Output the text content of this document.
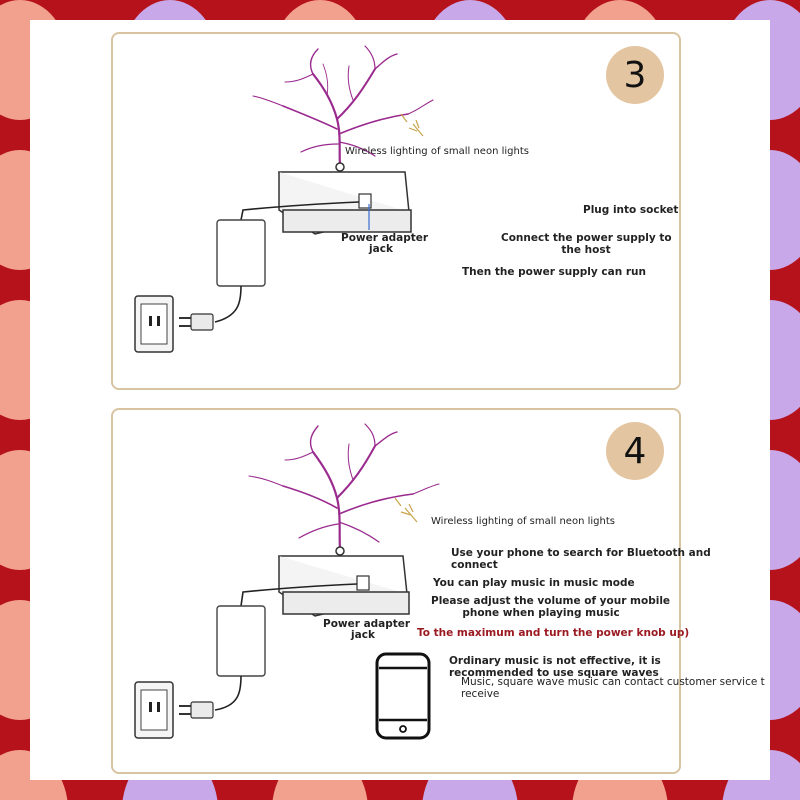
3
Wireless lighting of small neon lights
Power adapter
jack
Plug into socket
Connect the power supply to
the host
Then the power supply can run
4
Wireless lighting of small neon lights
Power adapter
jack
Use your phone to search for Bluetooth and
connect
You can play music in music mode
Please adjust the volume of your mobile
phone when playing music
To the maximum and turn the power knob up)
Ordinary music is not effective, it is
recommended to use square waves
Music, square wave music can contact customer service t
receive
